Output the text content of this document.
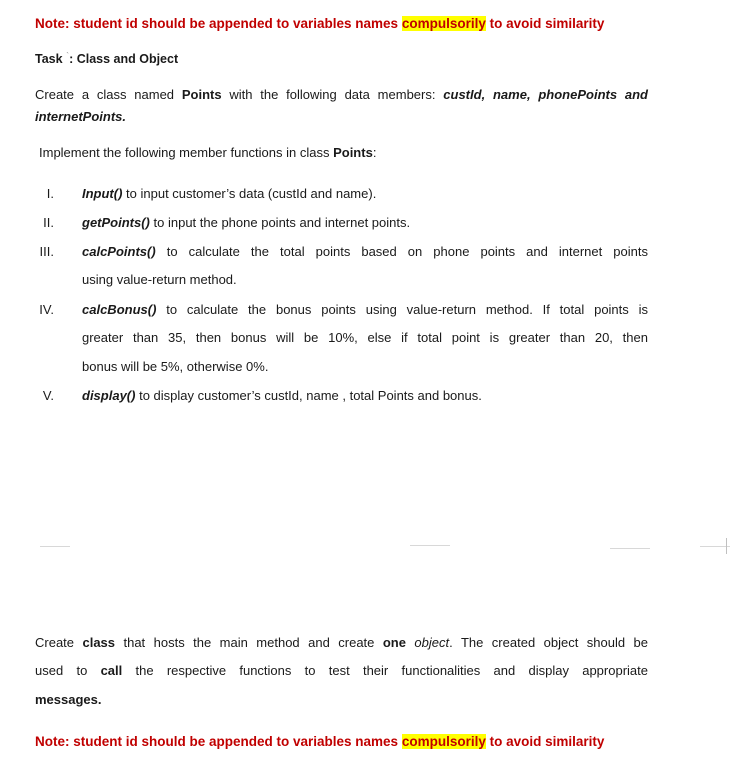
Note: student id should be appended to variables names compulsorily to avoid similarity
Task `: Class and Object
Create a class named Points with the following data members: custId, name, phonePoints and
internetPoints.
Implement the following member functions in class Points:
I. Input() to input customer’s data (custId and name).
II. getPoints() to input the phone points and internet points.
III. calcPoints() to calculate the total points based on phone points and internet points
using value-return method.
IV. calcBonus() to calculate the bonus points using value-return method. If total points is
greater than 35, then bonus will be 10%, else if total point is greater than 20, then
bonus will be 5%, otherwise 0%.
V. display() to display customer’s custId, name , total Points and bonus.
Create class that hosts the main method and create one object. The created object should be
used to call the respective functions to test their functionalities and display appropriate
messages.
Note: student id should be appended to variables names compulsorily to avoid similarity
